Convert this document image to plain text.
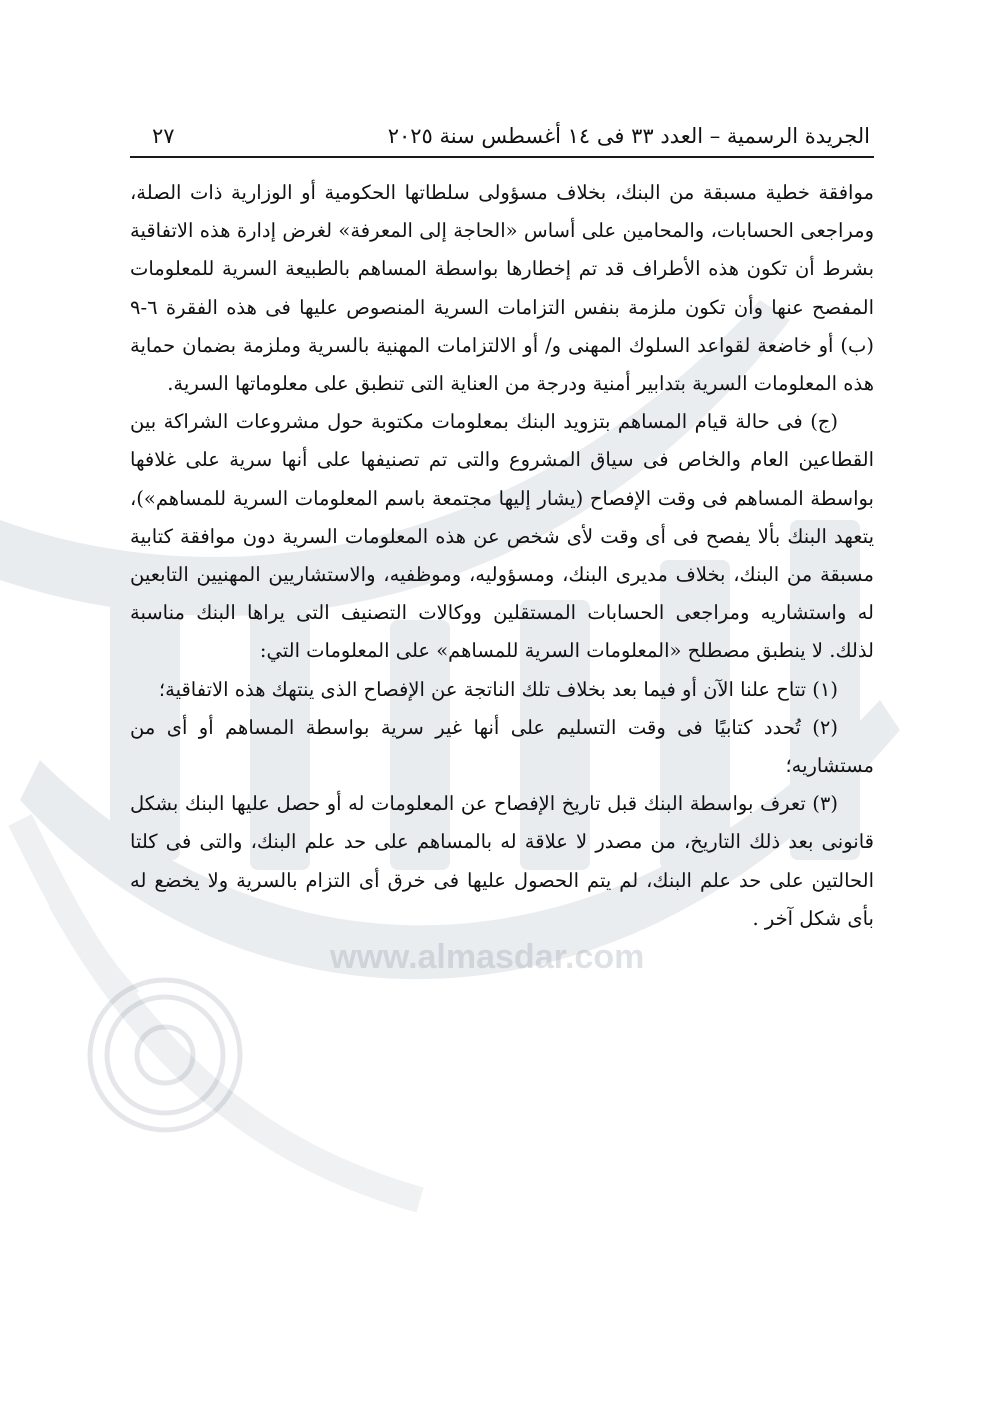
www.almasdar.com
الجريدة الرسمية – العدد ٣٣ فى ١٤ أغسطس سنة ٢٠٢٥
٢٧

موافقة خطية مسبقة من البنك، بخلاف مسؤولى سلطاتها الحكومية أو الوزارية ذات الصلة، ومراجعى الحسابات، والمحامين على أساس «الحاجة إلى المعرفة» لغرض إدارة هذه الاتفاقية بشرط أن تكون هذه الأطراف قد تم إخطارها بواسطة المساهم بالطبيعة السرية للمعلومات المفصح عنها وأن تكون ملزمة بنفس التزامات السرية المنصوص عليها فى هذه الفقرة ٦-٩ (ب) أو خاضعة لقواعد السلوك المهنى و/ أو الالتزامات المهنية بالسرية وملزمة بضمان حماية هذه المعلومات السرية بتدابير أمنية ودرجة من العناية التى تنطبق على معلوماتها السرية.

(ج) فى حالة قيام المساهم بتزويد البنك بمعلومات مكتوبة حول مشروعات الشراكة بين القطاعين العام والخاص فى سياق المشروع والتى تم تصنيفها على أنها سرية على غلافها بواسطة المساهم فى وقت الإفصاح (يشار إليها مجتمعة باسم المعلومات السرية للمساهم»)، يتعهد البنك بألا يفصح فى أى وقت لأى شخص عن هذه المعلومات السرية دون موافقة كتابية مسبقة من البنك، بخلاف مديرى البنك، ومسؤوليه، وموظفيه، والاستشاريين المهنيين التابعين له واستشاريه ومراجعى الحسابات المستقلين ووكالات التصنيف التى يراها البنك مناسبة لذلك. لا ينطبق مصطلح «المعلومات السرية للمساهم» على المعلومات التي:

(١) تتاح علنا الآن أو فيما بعد بخلاف تلك الناتجة عن الإفصاح الذى ينتهك هذه الاتفاقية؛

(٢) تُحدد كتابيًا فى وقت التسليم على أنها غير سرية بواسطة المساهم أو أى من مستشاريه؛

(٣) تعرف بواسطة البنك قبل تاريخ الإفصاح عن المعلومات له أو حصل عليها البنك بشكل قانونى بعد ذلك التاريخ، من مصدر لا علاقة له بالمساهم على حد علم البنك، والتى فى كلتا الحالتين على حد علم البنك، لم يتم الحصول عليها فى خرق أى التزام بالسرية ولا يخضع له بأى شكل آخر .
